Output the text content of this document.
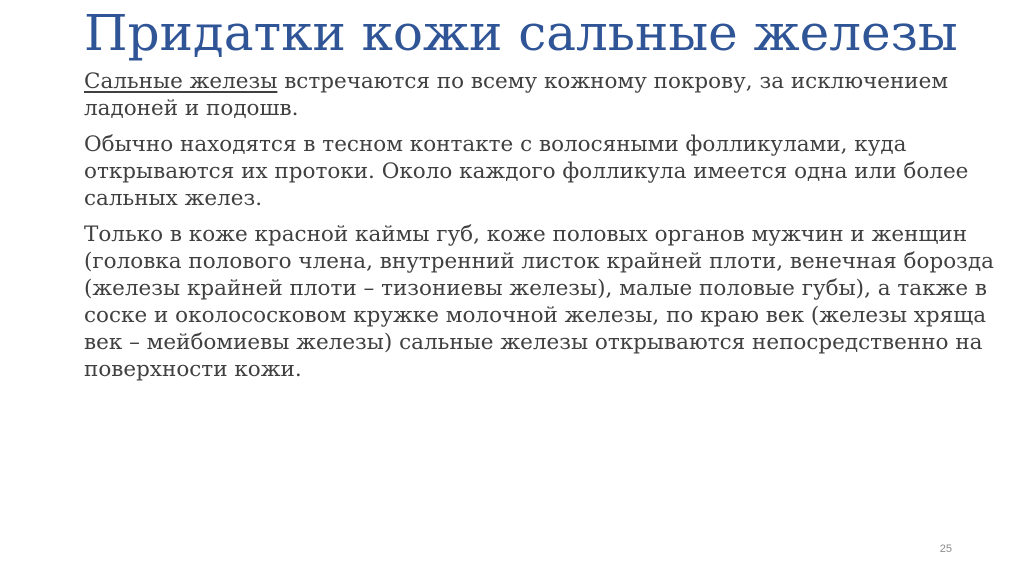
Придатки кожи сальные железы

Сальные железы встречаются по всему кожному покрову, за исключением ладоней и подошв.

Обычно находятся в тесном контакте с волосяными фолликулами, куда открываются их протоки. Около каждого фолликула имеется одна или более сальных желез.

Только в коже красной каймы губ, коже половых органов мужчин и женщин (головка полового члена, внутренний листок крайней плоти, венечная борозда (железы крайней плоти – тизониевы железы), малые половые губы), а также в соске и околососковом кружке молочной железы, по краю век (железы хряща век – мейбомиевы железы) сальные железы открываются непосредственно на поверхности кожи.

25
